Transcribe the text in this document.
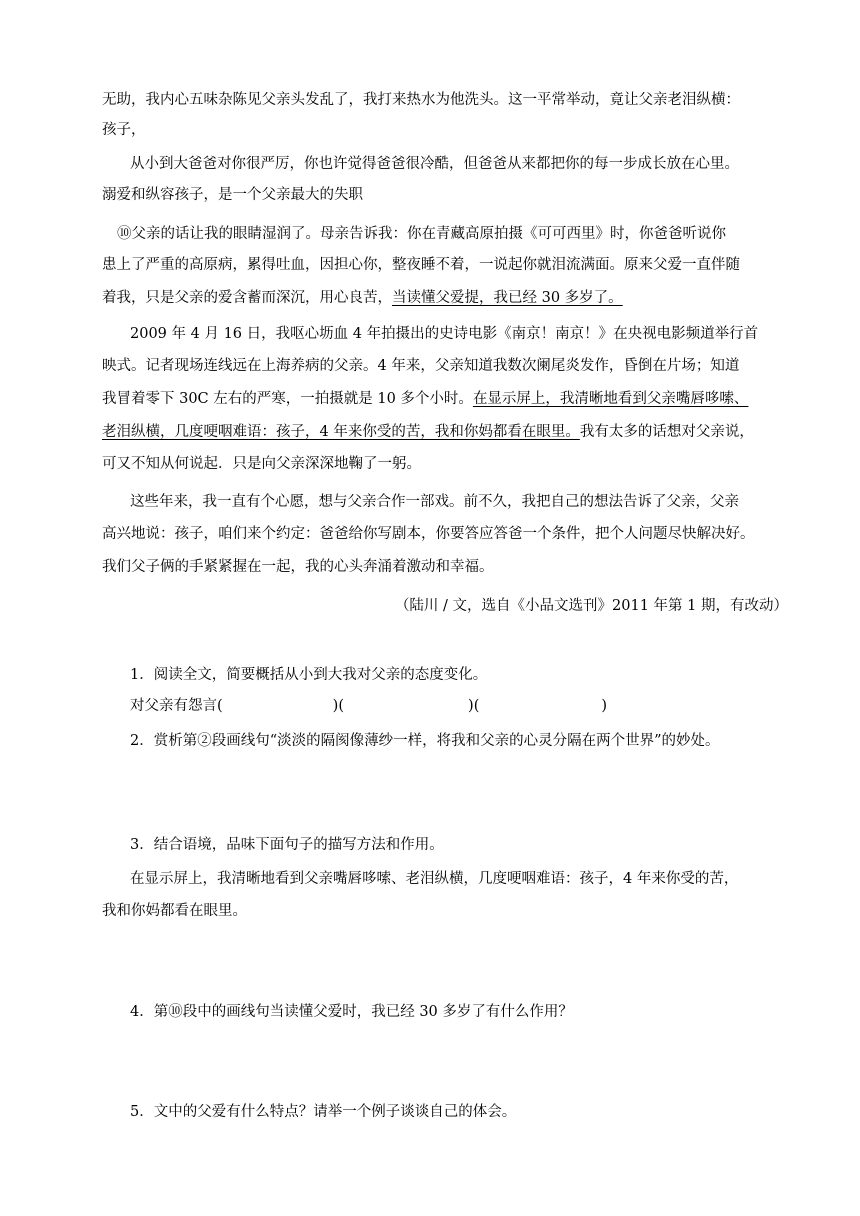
无助，我内心五味杂陈见父亲头发乱了，我打来热水为他洗头。这一平常举动，竟让父亲老泪纵横：

孩子，

从小到大爸爸对你很严厉，你也许觉得爸爸很冷酷，但爸爸从来都把你的每一步成长放在心里。

溺爱和纵容孩子，是一个父亲最大的失职

⑩父亲的话让我的眼睛湿润了。母亲告诉我：你在青藏高原拍摄《可可西里》时，你爸爸听说你

患上了严重的高原病，累得吐血，因担心你，整夜睡不着，一说起你就泪流满面。原来父爱一直伴随

着我，只是父亲的爱含蓄而深沉，用心良苦，当读懂父爱提，我已经 30 多岁了。

2009 年 4 月 16 日，我呕心坜血 4 年拍摄出的史诗电影《南京！南京！》在央视电影频道举行首

映式。记者现场连线远在上海养病的父亲。4 年来，父亲知道我数次阑尾炎发作，昏倒在片场；知道

我冒着零下 30C 左右的严寒，一拍摄就是 10 多个小时。在显示屏上，我清晰地看到父亲嘴唇哆嗦、

老泪纵横，几度哽咽难语：孩子，4 年来你受的苦，我和你妈都看在眼里。我有太多的话想对父亲说，

可又不知从何说起．只是向父亲深深地鞠了一躬。

这些年来，我一直有个心愿，想与父亲合作一部戏。前不久，我把自己的想法告诉了父亲，父亲

高兴地说：孩子，咱们来个约定：爸爸给你写剧本，你要答应答爸一个条件，把个人问题尽快解决好。

我们父子俩的手紧紧握在一起，我的心头奔涌着激动和幸福。

（陆川 / 文，选自《小品文选刊》2011 年第 1 期，有改动）

1．阅读全文，简要概括从小到大我对父亲的态度变化。

对父亲有怨言(	)(	)(	)

2．赏析第②段画线句“淡淡的隔阂像薄纱一样，将我和父亲的心灵分隔在两个世界”的妙处。

3．结合语境，品味下面句子的描写方法和作用。

在显示屏上，我清晰地看到父亲嘴唇哆嗦、老泪纵横，几度哽咽难语：孩子，4 年来你受的苦，

我和你妈都看在眼里。

4．第⑩段中的画线句当读懂父爱时，我已经 30 多岁了有什么作用？

5．文中的父爱有什么特点？请举一个例子谈谈自己的体会。
